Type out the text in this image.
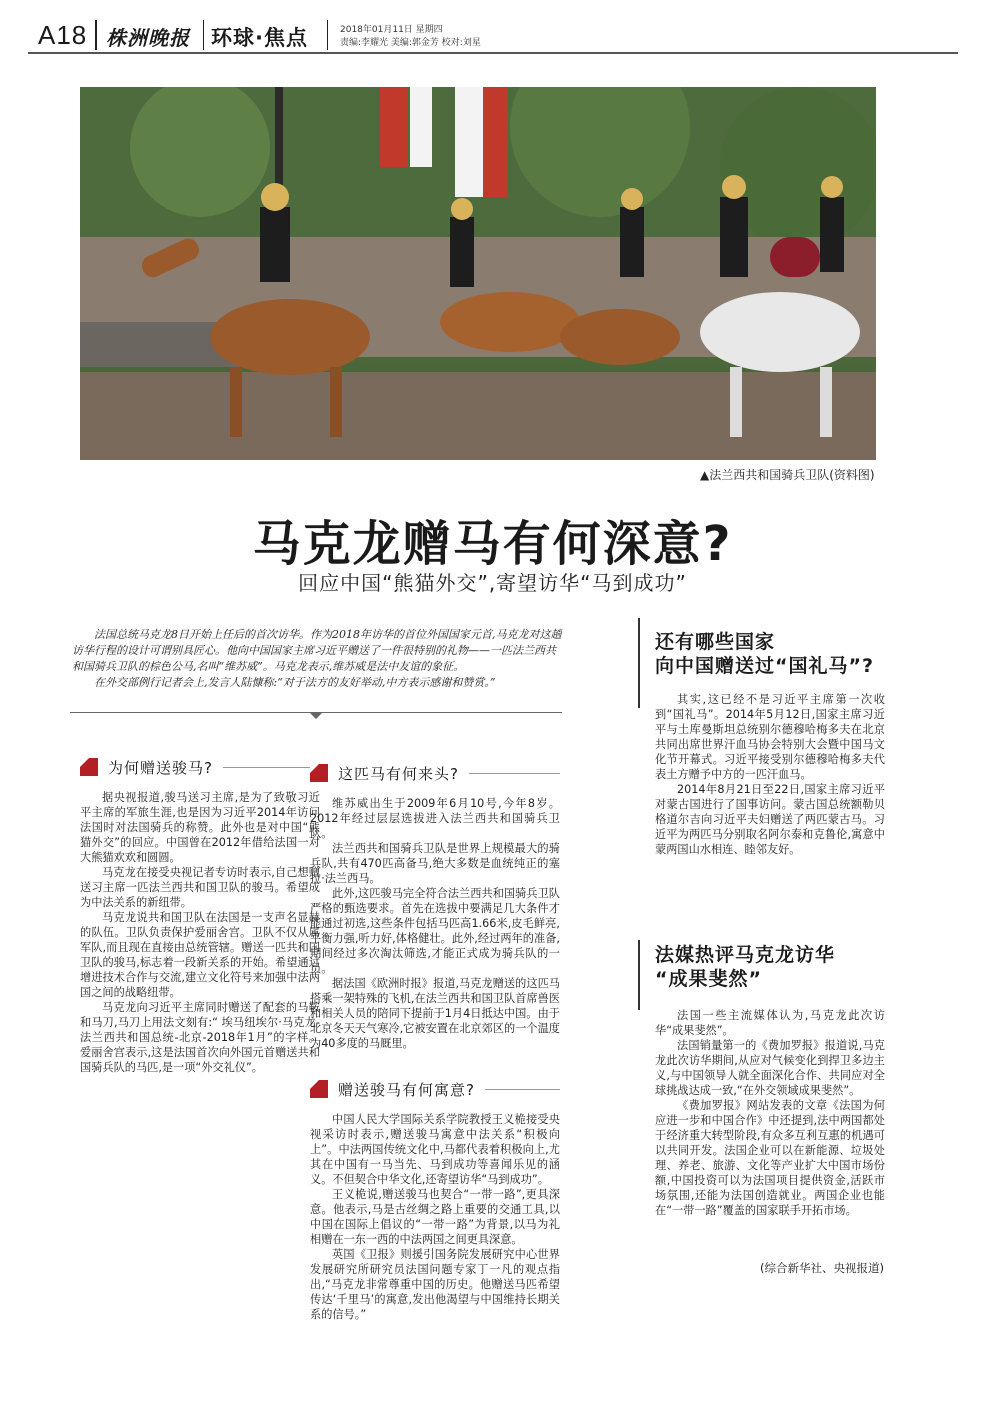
A18 株洲晚报 环球·焦点	2018年01月11日 星期四
责编:李耀光 美编:郭金芳 校对:刘星
▲法兰西共和国骑兵卫队(资料图)
马克龙赠马有何深意?
回应中国“熊猫外交”,寄望访华“马到成功”

法国总统马克龙8日开始上任后的首次访华。作为2018年访华的首位外国国家元首,马克龙对这趟访华行程的设计可谓别具匠心。他向中国国家主席习近平赠送了一件很特别的礼物——一匹法兰西共和国骑兵卫队的棕色公马,名叫“维苏威”。马克龙表示,维苏威是法中友谊的象征。

在外交部例行记者会上,发言人陆慷称:“对于法方的友好举动,中方表示感谢和赞赏。”

为何赠送骏马?

据央视报道,骏马送习主席,是为了致敬习近平主席的军旅生涯,也是因为习近平2014年访问法国时对法国骑兵的称赞。此外也是对中国“熊猫外交”的回应。中国曾在2012年借给法国一对大熊猫欢欢和圆圆。

马克龙在接受央视记者专访时表示,自己想赠送习主席一匹法兰西共和国卫队的骏马。希望成为中法关系的新纽带。

马克龙说共和国卫队在法国是一支声名显赫的队伍。卫队负责保护爱丽舍宫。卫队不仅从属军队,而且现在直接由总统管辖。赠送一匹共和国卫队的骏马,标志着一段新关系的开始。希望通过增进技术合作与交流,建立文化符号来加强中法两国之间的战略纽带。

马克龙向习近平主席同时赠送了配套的马鞍和马刀,马刀上用法文刻有:“ 埃马纽埃尔·马克龙-法兰西共和国总统-北京-2018年1月”的字样。 爱丽舍宫表示,这是法国首次向外国元首赠送共和国骑兵队的马匹,是一项“外交礼仪”。

这匹马有何来头?

维苏威出生于2009年6月10号,今年8岁。2012年经过层层选拔进入法兰西共和国骑兵卫队。

法兰西共和国骑兵卫队是世界上规模最大的骑兵队,共有470匹高备马,绝大多数是血统纯正的塞拉·法兰西马。

此外,这匹骏马完全符合法兰西共和国骑兵卫队严格的甄选要求。首先在选拔中要满足几大条件才能通过初选,这些条件包括马匹高1.66米,皮毛鲜亮,平衡力强,听力好,体格健壮。此外,经过两年的准备,期间经过多次淘汰筛选,才能正式成为骑兵队的一员。

据法国《欧洲时报》报道,马克龙赠送的这匹马搭乘一架特殊的飞机,在法兰西共和国卫队首席兽医和相关人员的陪同下提前于1月4日抵达中国。由于北京冬天天气寒冷,它被安置在北京郊区的一个温度为40多度的马厩里。

赠送骏马有何寓意?

中国人民大学国际关系学院教授王义桅接受央视采访时表示,赠送骏马寓意中法关系“积极向上”。中法两国传统文化中,马都代表着积极向上,尤其在中国有一马当先、马到成功等喜闻乐见的涵义。不但契合中华文化,还寄望访华“马到成功”。

王义桅说,赠送骏马也契合“一带一路”,更具深意。他表示,马是古丝绸之路上重要的交通工具,以中国在国际上倡议的“一带一路”为背景,以马为礼相赠在一东一西的中法两国之间更具深意。

英国《卫报》则援引国务院发展研究中心世界发展研究所研究员法国问题专家丁一凡的观点指出,“马克龙非常尊重中国的历史。他赠送马匹希望传达‘千里马’的寓意,发出他渴望与中国维持长期关系的信号。”

还有哪些国家
向中国赠送过“国礼马”?

其实,这已经不是习近平主席第一次收到“国礼马”。2014年5月12日,国家主席习近平与土库曼斯坦总统别尔德穆哈梅多夫在北京共同出席世界汗血马协会特别大会暨中国马文化节开幕式。习近平接受别尔德穆哈梅多夫代表土方赠予中方的一匹汗血马。

2014年8月21日至22日,国家主席习近平对蒙古国进行了国事访问。蒙古国总统额勒贝格道尔吉向习近平夫妇赠送了两匹蒙古马。习近平为两匹马分别取名阿尔泰和克鲁伦,寓意中蒙两国山水相连、睦邻友好。

法媒热评马克龙访华
“成果斐然”

法国一些主流媒体认为,马克龙此次访华“成果斐然”。

法国销量第一的《费加罗报》报道说,马克龙此次访华期间,从应对气候变化到捍卫多边主义,与中国领导人就全面深化合作、共同应对全球挑战达成一致,“在外交领域成果斐然”。

《费加罗报》网站发表的文章《法国为何应进一步和中国合作》中还提到,法中两国都处于经济重大转型阶段,有众多互利互惠的机遇可以共同开发。法国企业可以在新能源、垃圾处理、养老、旅游、文化等产业扩大中国市场份额,中国投资可以为法国项目提供资金,活跃市场氛围,还能为法国创造就业。两国企业也能在“一带一路”覆盖的国家联手开拓市场。

(综合新华社、央视报道)
